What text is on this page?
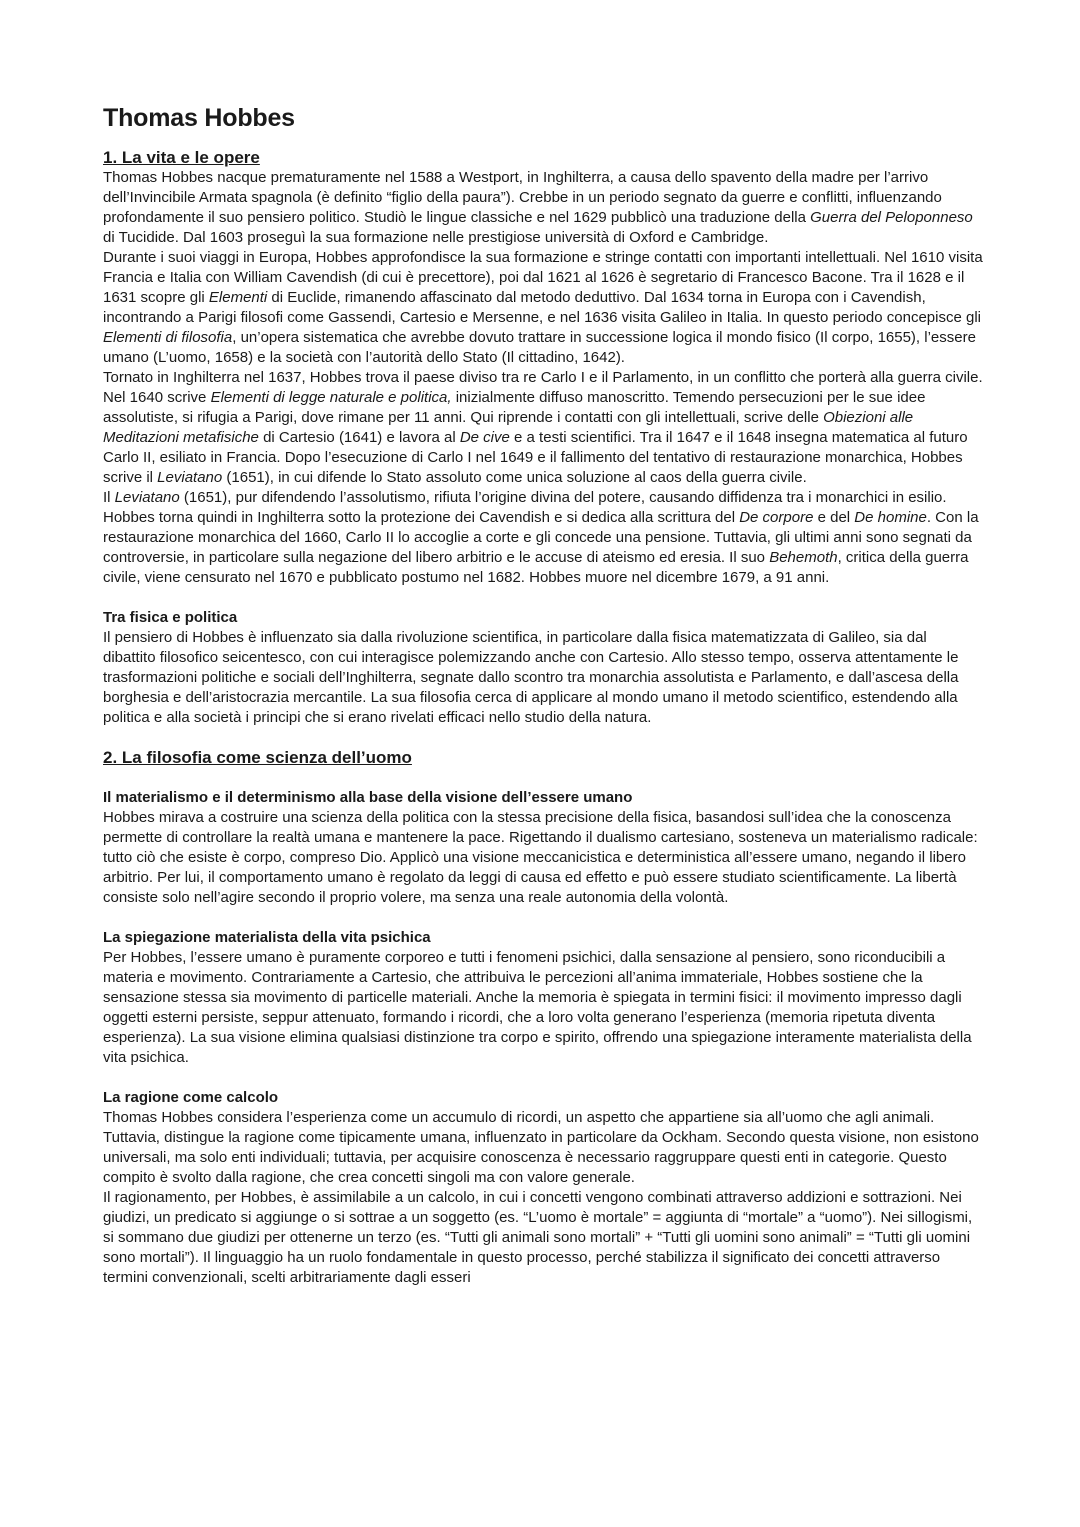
Thomas Hobbes
1. La vita e le opere

Thomas Hobbes nacque prematuramente nel 1588 a Westport, in Inghilterra, a causa dello spavento della madre per l’arrivo dell’Invincibile Armata spagnola (è definito “figlio della paura”). Crebbe in un periodo segnato da guerre e conflitti, influenzando profondamente il suo pensiero politico. Studiò le lingue classiche e nel 1629 pubblicò una traduzione della Guerra del Peloponneso di Tucidide. Dal 1603 proseguì la sua formazione nelle prestigiose università di Oxford e Cambridge.

Durante i suoi viaggi in Europa, Hobbes approfondisce la sua formazione e stringe contatti con importanti intellettuali. Nel 1610 visita Francia e Italia con William Cavendish (di cui è precettore), poi dal 1621 al 1626 è segretario di Francesco Bacone. Tra il 1628 e il 1631 scopre gli Elementi di Euclide, rimanendo affascinato dal metodo deduttivo. Dal 1634 torna in Europa con i Cavendish, incontrando a Parigi filosofi come Gassendi, Cartesio e Mersenne, e nel 1636 visita Galileo in Italia. In questo periodo concepisce gli Elementi di filosofia, un’opera sistematica che avrebbe dovuto trattare in successione logica il mondo fisico (Il corpo, 1655), l’essere umano (L’uomo, 1658) e la società con l’autorità dello Stato (Il cittadino, 1642).

Tornato in Inghilterra nel 1637, Hobbes trova il paese diviso tra re Carlo I e il Parlamento, in un conflitto che porterà alla guerra civile. Nel 1640 scrive Elementi di legge naturale e politica, inizialmente diffuso manoscritto. Temendo persecuzioni per le sue idee assolutiste, si rifugia a Parigi, dove rimane per 11 anni. Qui riprende i contatti con gli intellettuali, scrive delle Obiezioni alle Meditazioni metafisiche di Cartesio (1641) e lavora al De cive e a testi scientifici. Tra il 1647 e il 1648 insegna matematica al futuro Carlo II, esiliato in Francia. Dopo l’esecuzione di Carlo I nel 1649 e il fallimento del tentativo di restaurazione monarchica, Hobbes scrive il Leviatano (1651), in cui difende lo Stato assoluto come unica soluzione al caos della guerra civile.

Il Leviatano (1651), pur difendendo l’assolutismo, rifiuta l’origine divina del potere, causando diffidenza tra i monarchici in esilio. Hobbes torna quindi in Inghilterra sotto la protezione dei Cavendish e si dedica alla scrittura del De corpore e del De homine. Con la restaurazione monarchica del 1660, Carlo II lo accoglie a corte e gli concede una pensione. Tuttavia, gli ultimi anni sono segnati da controversie, in particolare sulla negazione del libero arbitrio e le accuse di ateismo ed eresia. Il suo Behemoth, critica della guerra civile, viene censurato nel 1670 e pubblicato postumo nel 1682. Hobbes muore nel dicembre 1679, a 91 anni.

Tra fisica e politica

Il pensiero di Hobbes è influenzato sia dalla rivoluzione scientifica, in particolare dalla fisica matematizzata di Galileo, sia dal dibattito filosofico seicentesco, con cui interagisce polemizzando anche con Cartesio. Allo stesso tempo, osserva attentamente le trasformazioni politiche e sociali dell’Inghilterra, segnate dallo scontro tra monarchia assolutista e Parlamento, e dall’ascesa della borghesia e dell’aristocrazia mercantile. La sua filosofia cerca di applicare al mondo umano il metodo scientifico, estendendo alla politica e alla società i principi che si erano rivelati efficaci nello studio della natura.

2. La filosofia come scienza dell’uomo
Il materialismo e il determinismo alla base della visione dell’essere umano

Hobbes mirava a costruire una scienza della politica con la stessa precisione della fisica, basandosi sull’idea che la conoscenza permette di controllare la realtà umana e mantenere la pace. Rigettando il dualismo cartesiano, sosteneva un materialismo radicale: tutto ciò che esiste è corpo, compreso Dio. Applicò una visione meccanicistica e deterministica all’essere umano, negando il libero arbitrio. Per lui, il comportamento umano è regolato da leggi di causa ed effetto e può essere studiato scientificamente. La libertà consiste solo nell’agire secondo il proprio volere, ma senza una reale autonomia della volontà.

La spiegazione materialista della vita psichica

Per Hobbes, l’essere umano è puramente corporeo e tutti i fenomeni psichici, dalla sensazione al pensiero, sono riconducibili a materia e movimento. Contrariamente a Cartesio, che attribuiva le percezioni all’anima immateriale, Hobbes sostiene che la sensazione stessa sia movimento di particelle materiali. Anche la memoria è spiegata in termini fisici: il movimento impresso dagli oggetti esterni persiste, seppur attenuato, formando i ricordi, che a loro volta generano l’esperienza (memoria ripetuta diventa esperienza). La sua visione elimina qualsiasi distinzione tra corpo e spirito, offrendo una spiegazione interamente materialista della vita psichica.

La ragione come calcolo

Thomas Hobbes considera l’esperienza come un accumulo di ricordi, un aspetto che appartiene sia all’uomo che agli animali. Tuttavia, distingue la ragione come tipicamente umana, influenzato in particolare da Ockham. Secondo questa visione, non esistono universali, ma solo enti individuali; tuttavia, per acquisire conoscenza è necessario raggruppare questi enti in categorie. Questo compito è svolto dalla ragione, che crea concetti singoli ma con valore generale.

Il ragionamento, per Hobbes, è assimilabile a un calcolo, in cui i concetti vengono combinati attraverso addizioni e sottrazioni. Nei giudizi, un predicato si aggiunge o si sottrae a un soggetto (es. “L’uomo è mortale” = aggiunta di “mortale” a “uomo”). Nei sillogismi, si sommano due giudizi per ottenerne un terzo (es. “Tutti gli animali sono mortali” + “Tutti gli uomini sono animali” = “Tutti gli uomini sono mortali”). Il linguaggio ha un ruolo fondamentale in questo processo, perché stabilizza il significato dei concetti attraverso termini convenzionali, scelti arbitrariamente dagli esseri
